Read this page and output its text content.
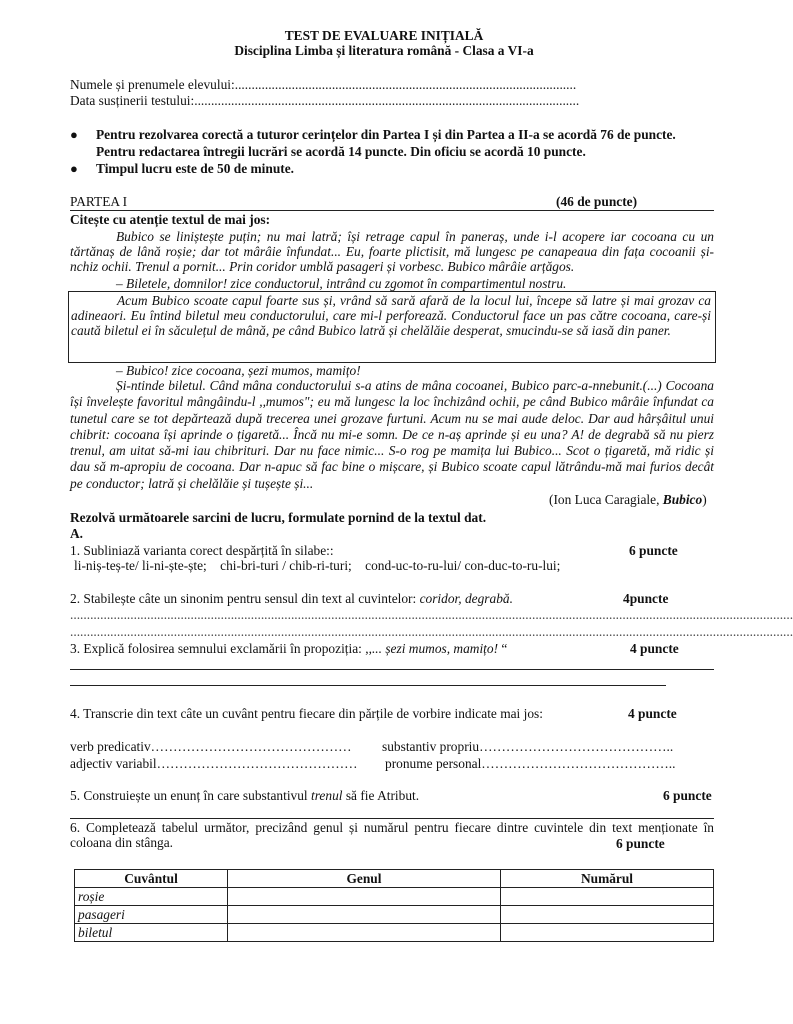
TEST DE EVALUARE INIȚIALĂ
Disciplina Limba și literatura română - Clasa a VI-a
Numele și prenumele elevului:......................................................................................................
Data susținerii testului:...................................................................................................................
● Pentru rezolvarea corectă a tuturor cerințelor din Partea I și din Partea a II-a se acordă 76 de puncte.
Pentru redactarea întregii lucrări se acordă 14 puncte. Din oficiu se acordă 10 puncte.
● Timpul lucru este de 50 de minute.
PARTEA I	(46 de puncte)
Citește cu atenție textul de mai jos:
Bubico se liniștește puțin; nu mai latră; își retrage capul în paneraș, unde i-l acopere iar cocoana cu un tărtănaș de lână roșie; dar tot mârâie înfundat... Eu, foarte plictisit, mă lungesc pe canapeaua din fața cocoanii și-nchiz ochii. Trenul a pornit... Prin coridor umblă pasageri și vorbesc. Bubico mârâie arțăgos.
– Biletele, domnilor! zice conductorul, intrând cu zgomot în compartimentul nostru.
Acum Bubico scoate capul foarte sus și, vrând să sară afară de la locul lui, începe să latre și mai grozav ca adineaori. Eu întind biletul meu conductorului, care mi-l perforează. Conductorul face un pas către cocoana, care-și caută biletul ei în săculețul de mână, pe când Bubico latră și chelălăie desperat, smucindu-se să iasă din paner.
– Bubico! zice cocoana, șezi mumos, mamițo!
Și-ntinde biletul. Când mâna conductorului s-a atins de mâna cocoanei, Bubico parc-a-nnebunit.(...) Cocoana își învelește favoritul mângâindu-l ,,mumos"; eu mă lungesc la loc închizând ochii, pe când Bubico mârâie înfundat ca tunetul care se tot depărtează după trecerea unei grozave furtuni. Acum nu se mai aude deloc. Dar aud hârșâitul unui chibrit: cocoana își aprinde o țigaretă... Încă nu mi-e somn. De ce n-aș aprinde și eu una? A! de degrabă să nu pierz trenul, am uitat să-mi iau chibrituri. Dar nu face nimic... S-o rog pe mamița lui Bubico... Scot o țigaretă, mă ridic și dau să m-apropiu de cocoana. Dar n-apuc să fac bine o mișcare, și Bubico scoate capul lătrându-mă mai furios decât pe conductor; latră și chelălăie și tușește și...
(Ion Luca Caragiale, Bubico)
Rezolvă următoarele sarcini de lucru, formulate pornind de la textul dat.
A.
1. Subliniază varianta corect despărțită în silabe::	6 puncte
li-niș-teș-te/ li-ni-ște-ște;    chi-bri-turi / chib-ri-turi;    cond-uc-to-ru-lui/ con-duc-to-ru-lui;
2. Stabilește câte un sinonim pentru sensul din text al cuvintelor: coridor, degrabă.	4puncte
........................................................................................................................................................................................................................
........................................................................................................................................................................................................................
3. Explică folosirea semnului exclamării în propoziția: ,,... șezi mumos, mamițo! “	4 puncte
4. Transcrie din text câte un cuvânt pentru fiecare din părțile de vorbire indicate mai jos:	4 puncte
verb predicativ……………………………………… substantiv propriu……………………………………..
adjectiv variabil……………………………………… pronume personal……………………………………..
5. Construiește un enunț în care substantivul trenul să fie Atribut.	6 puncte
6. Completează tabelul următor, precizând genul și numărul pentru fiecare dintre cuvintele din text menționate în coloana din stânga.	6 puncte
Cuvântul	Genul	Numărul
roșie		
pasageri		
biletul		
